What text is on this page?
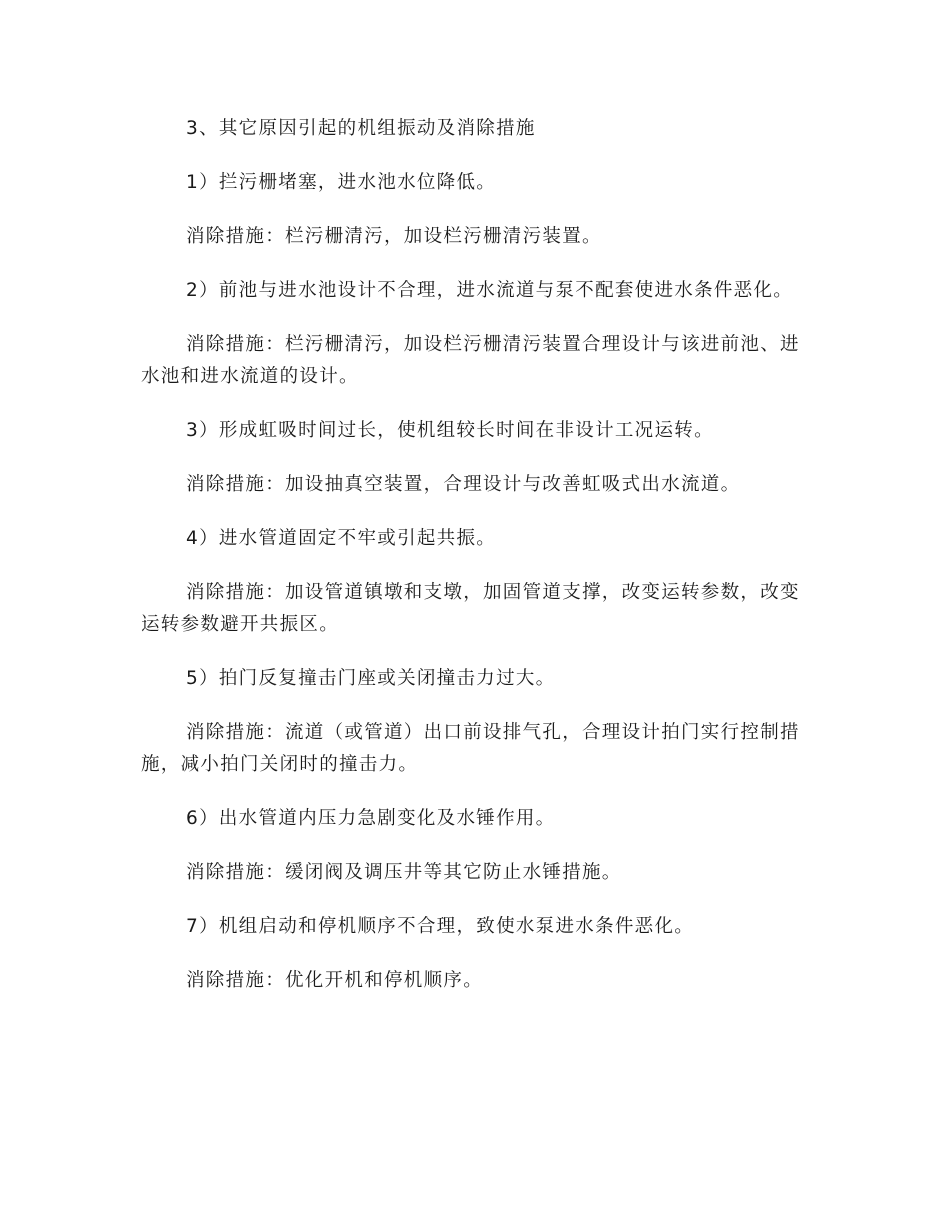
3、其它原因引起的机组振动及消除措施

1）拦污栅堵塞，进水池水位降低。

消除措施：栏污栅清污，加设栏污栅清污装置。

2）前池与进水池设计不合理，进水流道与泵不配套使进水条件恶化。

消除措施：栏污栅清污，加设栏污栅清污装置合理设计与该进前池、进水池和进水流道的设计。

3）形成虹吸时间过长，使机组较长时间在非设计工况运转。

消除措施：加设抽真空装置，合理设计与改善虹吸式出水流道。

4）进水管道固定不牢或引起共振。

消除措施：加设管道镇墩和支墩，加固管道支撑，改变运转参数，改变运转参数避开共振区。

5）拍门反复撞击门座或关闭撞击力过大。

消除措施：流道（或管道）出口前设排气孔，合理设计拍门实行控制措施，减小拍门关闭时的撞击力。

6）出水管道内压力急剧变化及水锤作用。

消除措施：缓闭阀及调压井等其它防止水锤措施。

7）机组启动和停机顺序不合理，致使水泵进水条件恶化。

消除措施：优化开机和停机顺序。
